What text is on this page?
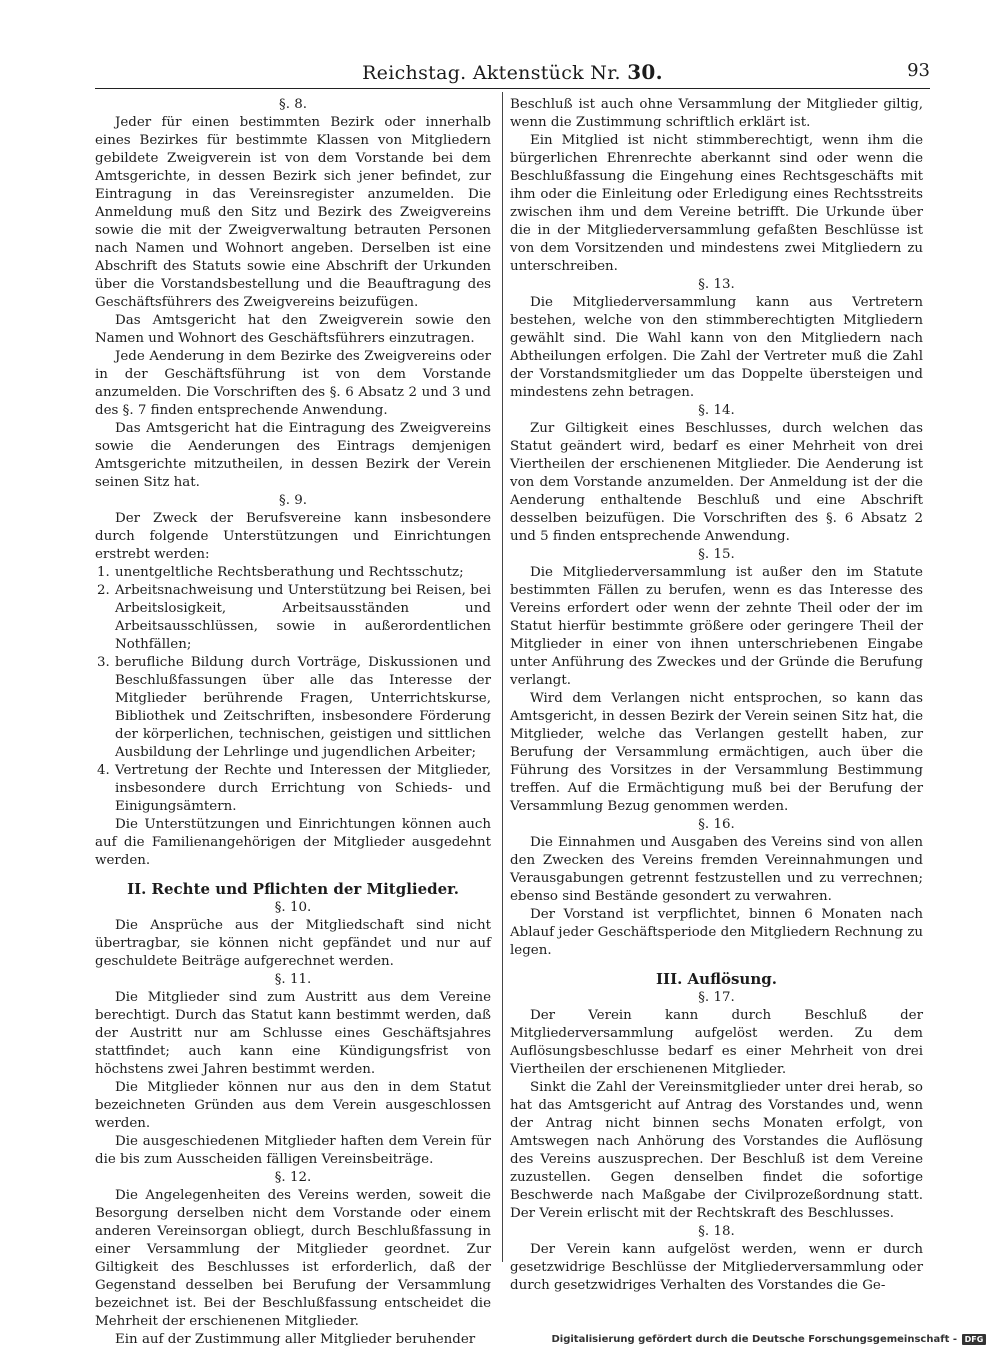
Reichstag. Aktenstück Nr. 30.	93

§. 8.

Jeder für einen bestimmten Bezirk oder innerhalb eines Bezirkes für bestimmte Klassen von Mitgliedern gebildete Zweigverein ist von dem Vorstande bei dem Amtsgerichte, in dessen Bezirk sich jener befindet, zur Eintragung in das Vereinsregister anzumelden. Die Anmeldung muß den Sitz und Bezirk des Zweigvereins sowie die mit der Zweigverwaltung betrauten Personen nach Namen und Wohnort angeben. Derselben ist eine Abschrift des Statuts sowie eine Abschrift der Urkunden über die Vorstandsbestellung und die Beauftragung des Geschäftsführers des Zweigvereins beizufügen.

Das Amtsgericht hat den Zweigverein sowie den Namen und Wohnort des Geschäftsführers einzutragen.

Jede Aenderung in dem Bezirke des Zweigvereins oder in der Geschäftsführung ist von dem Vorstande anzumelden. Die Vorschriften des §. 6 Absatz 2 und 3 und des §. 7 finden entsprechende Anwendung.

Das Amtsgericht hat die Eintragung des Zweigvereins sowie die Aenderungen des Eintrags demjenigen Amtsgerichte mitzutheilen, in dessen Bezirk der Verein seinen Sitz hat.

§. 9.

Der Zweck der Berufsvereine kann insbesondere durch folgende Unterstützungen und Einrichtungen erstrebt werden:

1. unentgeltliche Rechtsberathung und Rechtsschutz;
2. Arbeitsnachweisung und Unterstützung bei Reisen, bei Arbeitslosigkeit, Arbeitsausständen und Arbeitsausschlüssen, sowie in außerordentlichen Nothfällen;
3. berufliche Bildung durch Vorträge, Diskussionen und Beschlußfassungen über alle das Interesse der Mitglieder berührende Fragen, Unterrichtskurse, Bibliothek und Zeitschriften, insbesondere Förderung der körperlichen, technischen, geistigen und sittlichen Ausbildung der Lehrlinge und jugendlichen Arbeiter;
4. Vertretung der Rechte und Interessen der Mitglieder, insbesondere durch Errichtung von Schieds- und Einigungsämtern.

Die Unterstützungen und Einrichtungen können auch auf die Familienangehörigen der Mitglieder ausgedehnt werden.

II. Rechte und Pflichten der Mitglieder.

§. 10.

Die Ansprüche aus der Mitgliedschaft sind nicht übertragbar, sie können nicht gepfändet und nur auf geschuldete Beiträge aufgerechnet werden.

§. 11.

Die Mitglieder sind zum Austritt aus dem Vereine berechtigt. Durch das Statut kann bestimmt werden, daß der Austritt nur am Schlusse eines Geschäftsjahres stattfindet; auch kann eine Kündigungsfrist von höchstens zwei Jahren bestimmt werden.

Die Mitglieder können nur aus den in dem Statut bezeichneten Gründen aus dem Verein ausgeschlossen werden.

Die ausgeschiedenen Mitglieder haften dem Verein für die bis zum Ausscheiden fälligen Vereinsbeiträge.

§. 12.

Die Angelegenheiten des Vereins werden, soweit die Besorgung derselben nicht dem Vorstande oder einem anderen Vereinsorgan obliegt, durch Beschlußfassung in einer Versammlung der Mitglieder geordnet. Zur Giltigkeit des Beschlusses ist erforderlich, daß der Gegenstand desselben bei Berufung der Versammlung bezeichnet ist. Bei der Beschlußfassung entscheidet die Mehrheit der erschienenen Mitglieder.

Ein auf der Zustimmung aller Mitglieder beruhender

Beschluß ist auch ohne Versammlung der Mitglieder giltig, wenn die Zustimmung schriftlich erklärt ist.

Ein Mitglied ist nicht stimmberechtigt, wenn ihm die bürgerlichen Ehrenrechte aberkannt sind oder wenn die Beschlußfassung die Eingehung eines Rechtsgeschäfts mit ihm oder die Einleitung oder Erledigung eines Rechtsstreits zwischen ihm und dem Vereine betrifft. Die Urkunde über die in der Mitgliederversammlung gefaßten Beschlüsse ist von dem Vorsitzenden und mindestens zwei Mitgliedern zu unterschreiben.

§. 13.

Die Mitgliederversammlung kann aus Vertretern bestehen, welche von den stimmberechtigten Mitgliedern gewählt sind. Die Wahl kann von den Mitgliedern nach Abtheilungen erfolgen. Die Zahl der Vertreter muß die Zahl der Vorstandsmitglieder um das Doppelte übersteigen und mindestens zehn betragen.

§. 14.

Zur Giltigkeit eines Beschlusses, durch welchen das Statut geändert wird, bedarf es einer Mehrheit von drei Viertheilen der erschienenen Mitglieder. Die Aenderung ist von dem Vorstande anzumelden. Der Anmeldung ist der die Aenderung enthaltende Beschluß und eine Abschrift desselben beizufügen. Die Vorschriften des §. 6 Absatz 2 und 5 finden entsprechende Anwendung.

§. 15.

Die Mitgliederversammlung ist außer den im Statute bestimmten Fällen zu berufen, wenn es das Interesse des Vereins erfordert oder wenn der zehnte Theil oder der im Statut hierfür bestimmte größere oder geringere Theil der Mitglieder in einer von ihnen unterschriebenen Eingabe unter Anführung des Zweckes und der Gründe die Berufung verlangt.

Wird dem Verlangen nicht entsprochen, so kann das Amtsgericht, in dessen Bezirk der Verein seinen Sitz hat, die Mitglieder, welche das Verlangen gestellt haben, zur Berufung der Versammlung ermächtigen, auch über die Führung des Vorsitzes in der Versammlung Bestimmung treffen. Auf die Ermächtigung muß bei der Berufung der Versammlung Bezug genommen werden.

§. 16.

Die Einnahmen und Ausgaben des Vereins sind von allen den Zwecken des Vereins fremden Vereinnahmungen und Verausgabungen getrennt festzustellen und zu verrechnen; ebenso sind Bestände gesondert zu verwahren.

Der Vorstand ist verpflichtet, binnen 6 Monaten nach Ablauf jeder Geschäftsperiode den Mitgliedern Rechnung zu legen.

III. Auflösung.

§. 17.

Der Verein kann durch Beschluß der Mitgliederversammlung aufgelöst werden. Zu dem Auflösungsbeschlusse bedarf es einer Mehrheit von drei Viertheilen der erschienenen Mitglieder.

Sinkt die Zahl der Vereinsmitglieder unter drei herab, so hat das Amtsgericht auf Antrag des Vorstandes und, wenn der Antrag nicht binnen sechs Monaten erfolgt, von Amtswegen nach Anhörung des Vorstandes die Auflösung des Vereins auszusprechen. Der Beschluß ist dem Vereine zuzustellen. Gegen denselben findet die sofortige Beschwerde nach Maßgabe der Civilprozeßordnung statt. Der Verein erlischt mit der Rechtskraft des Beschlusses.

§. 18.

Der Verein kann aufgelöst werden, wenn er durch gesetzwidrige Beschlüsse der Mitgliederversammlung oder durch gesetzwidriges Verhalten des Vorstandes die Ge-

Digitalisierung gefördert durch die Deutsche Forschungsgemeinschaft - DFG
